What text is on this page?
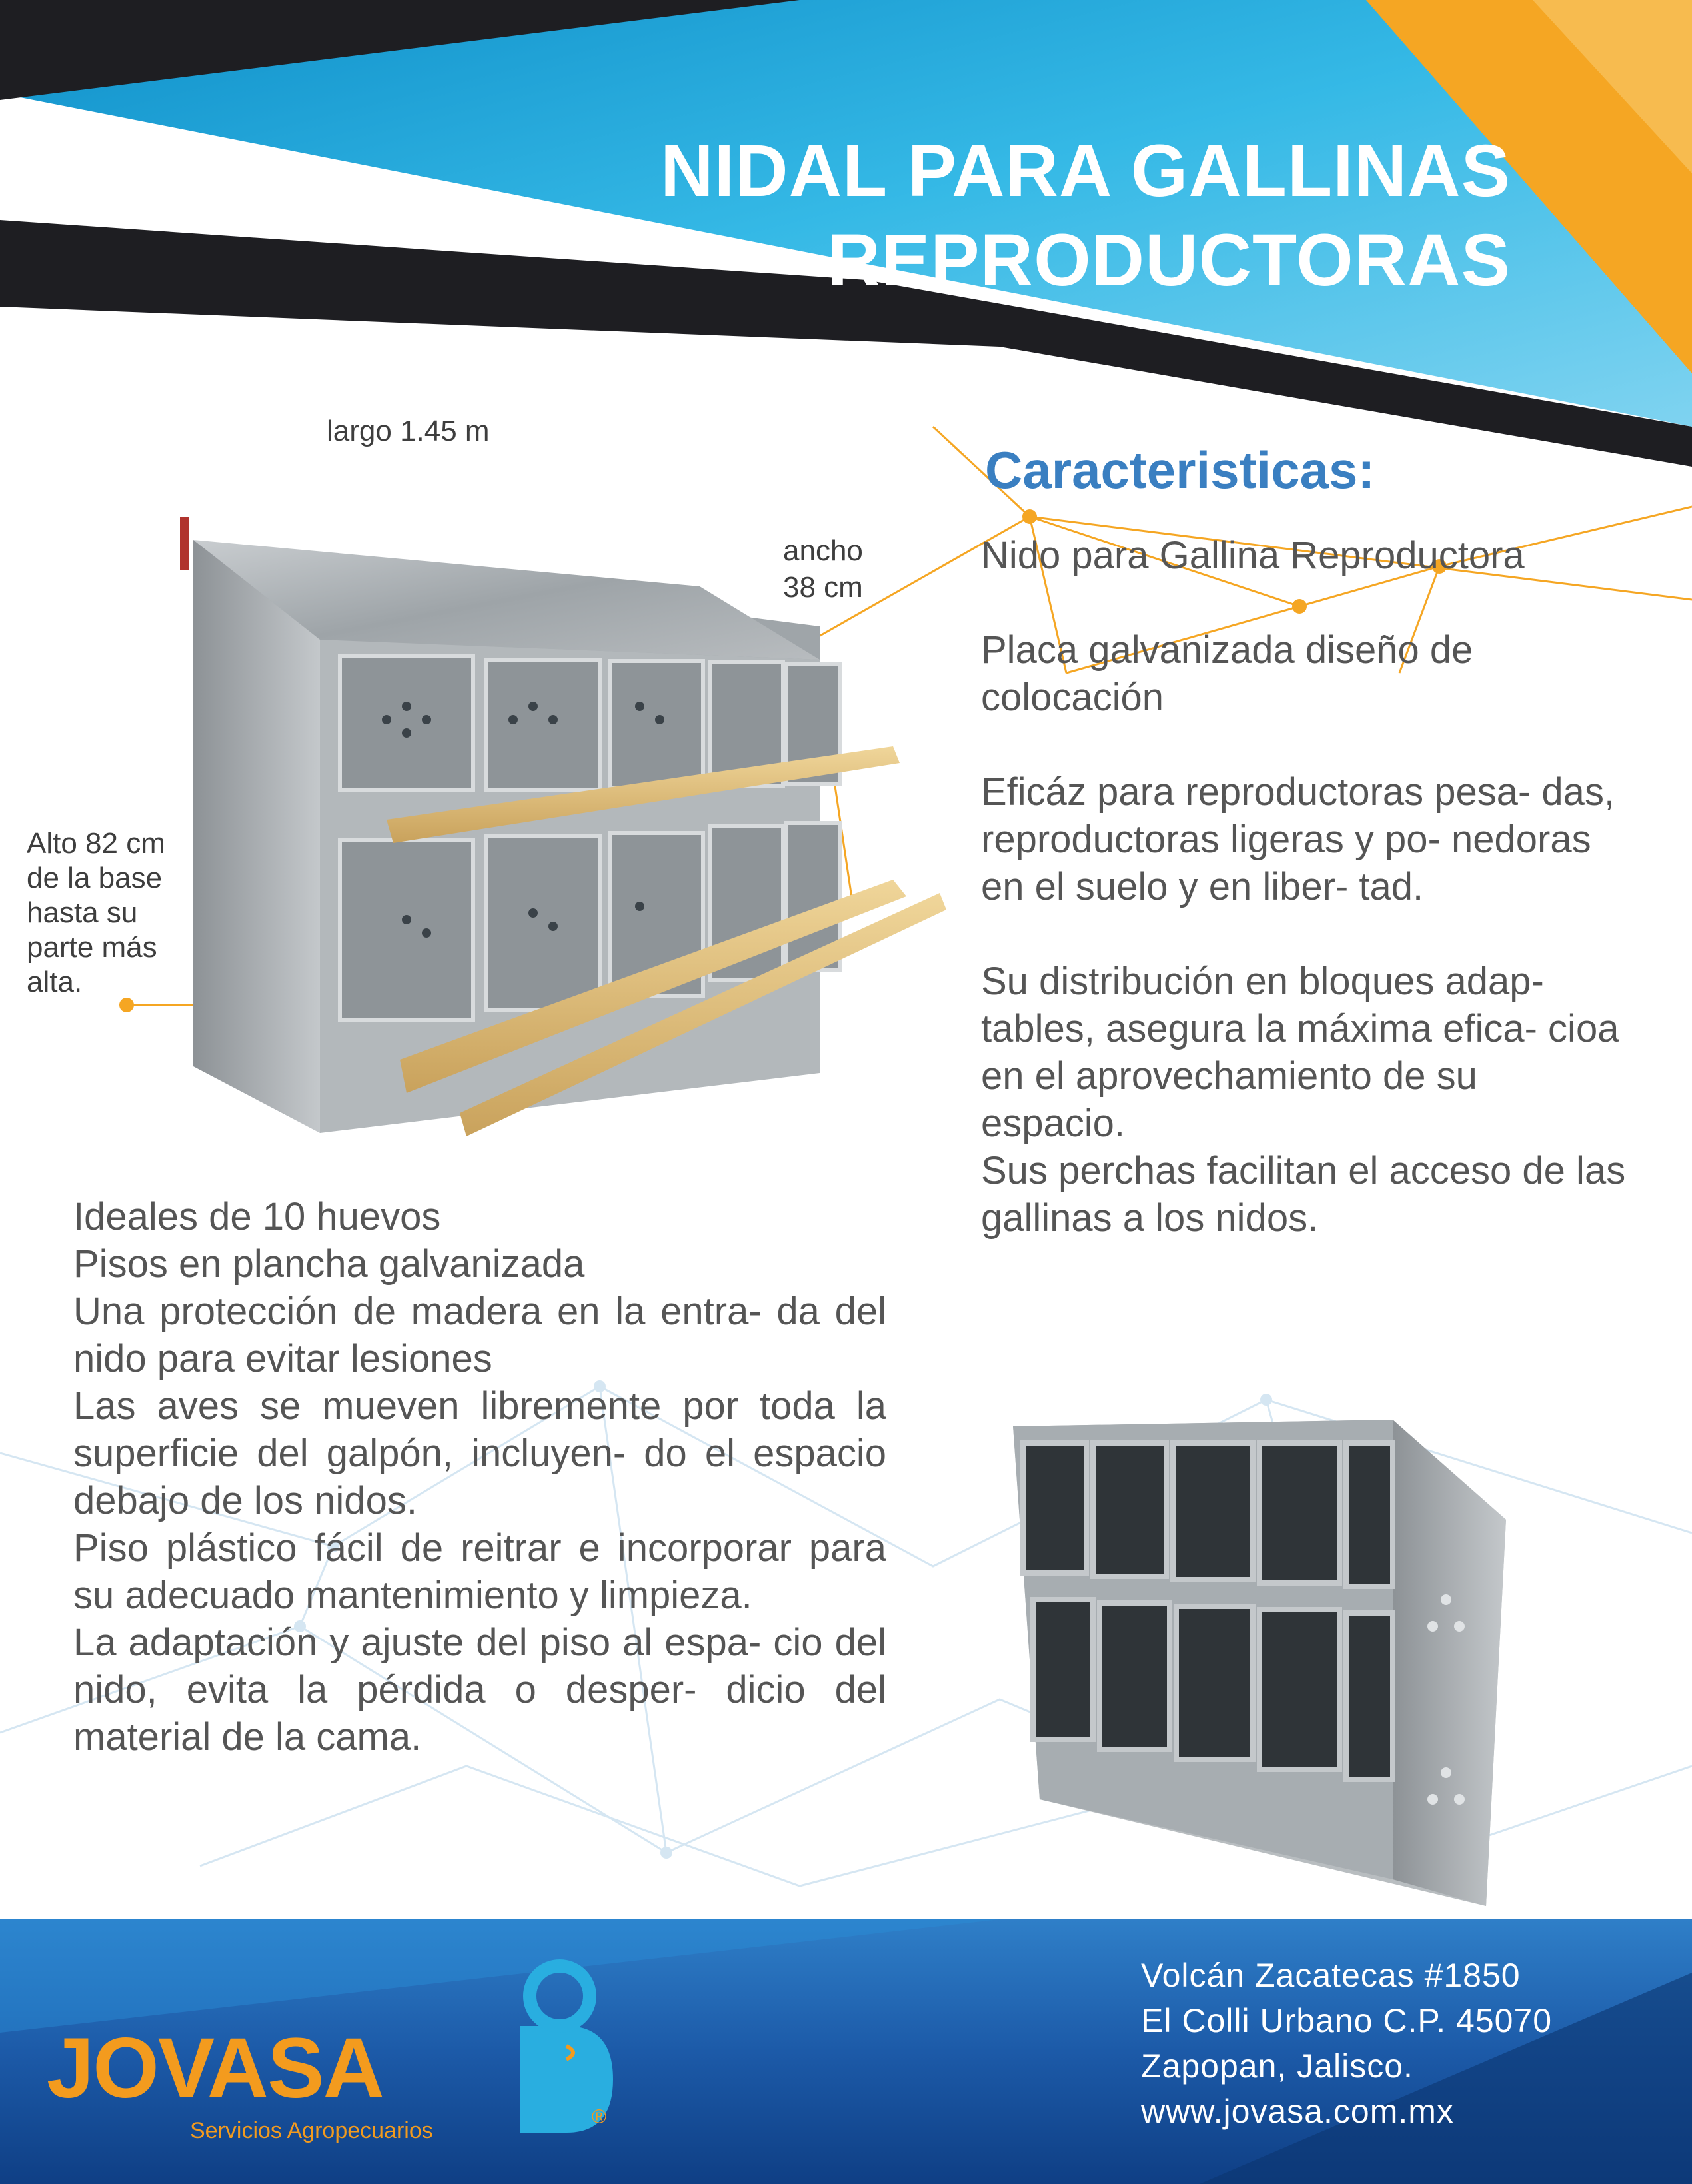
NIDAL PARA GALLINAS
REPRODUCTORAS
largo 1.45 m
ancho
38 cm
Alto 82 cm
de la base
hasta su
parte más
alta.
Caracteristicas:

Nido para Gallina Reproductora

Placa galvanizada diseño de colocación

Eficáz para reproductoras pesa- das, reproductoras ligeras y po- nedoras en el suelo y en liber- tad.

Su distribución en bloques adap- tables, asegura la máxima efica- cioa en el aprovechamiento de su

espacio.

Sus perchas facilitan el acceso de las gallinas a los nidos.

Ideales de 10 huevos

Pisos en plancha galvanizada

Una protección de madera en la entra- da del nido para evitar lesiones

Las aves se mueven libremente por toda la superficie del galpón, incluyen- do el espacio debajo de los nidos.

Piso plástico fácil de reitrar e incorporar para su adecuado mantenimiento y limpieza.

La adaptación y ajuste del piso al espa- cio del nido, evita la pérdida o desper- dicio del material de la cama.

JOVASA
Servicios Agropecuarios
®
Volcán Zacatecas #1850
El Colli Urbano C.P. 45070
Zapopan, Jalisco.
www.jovasa.com.mx
